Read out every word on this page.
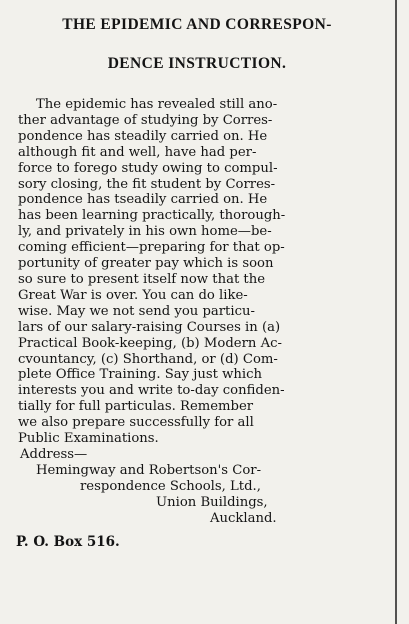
THE EPIDEMIC AND CORRESPON-
DENCE INSTRUCTION.
The epidemic has revealed still ano-
ther advantage of studying by Corres-
pondence has steadily carried on. He
although fit and well, have had per-
force to forego study owing to compul-
sory closing, the fit student by Corres-
pondence has tseadily carried on. He
has been learning practically, thorough-
ly, and privately in his own home—be-
coming efficient—preparing for that op-
portunity of greater pay which is soon
so sure to present itself now that the
Great War is over. You can do like-
wise. May we not send you particu-
lars of our salary-raising Courses in (a)
Practical Book-keeping, (b) Modern Ac-
cvountancy, (c) Shorthand, or (d) Com-
plete Office Training. Say just which
interests you and write to-day confiden-
tially for full particulas. Remember
we also prepare successfully for all
Public Examinations.
Address—
Hemingway and Robertson's Cor-
respondence Schools, Ltd.,
Union Buildings,
Auckland.
P. O. Box 516.
